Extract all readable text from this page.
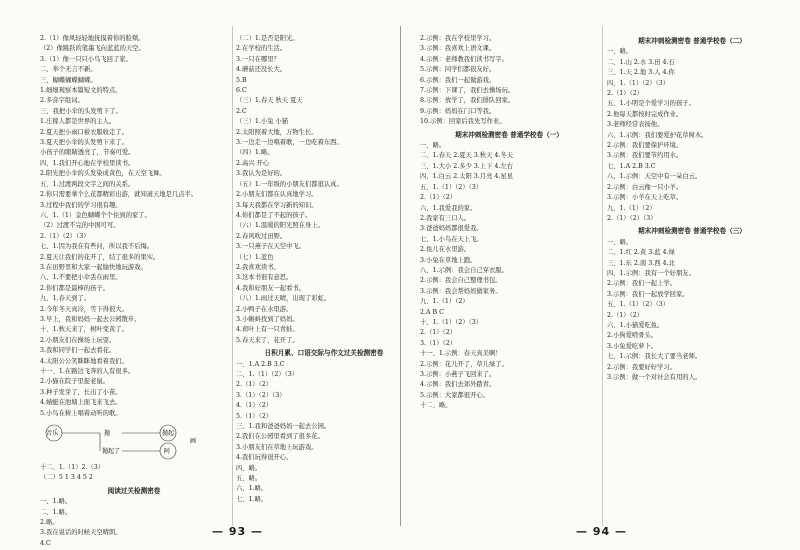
2.（1）像风轻轻地抚摸着你的脸颊。
（2）像跳跃的笔墨飞向蓝蓝的天空。
3.（1）像一只只小鸟飞回了家。
二、举个无言不新。
三、蝴蝶蝴蝶蝴蝶。
1.细细观察本篇短文的特点。
2.多音字组词。
三、我把小伞的头发剪下了。
1.庄稼人都是世界的主人。
2.夏天把小雨口被衣服收走了。
3.夏天把小伞的头发剪下来了。
小孩子的眼睛透亮了，节奏可爱。
四、1.我们开心地在学校里读书。
2.阳光把小伞的头发染成黄色，在天空飞舞。
五、1.过渡两段文字之间的关系。
2.你只需要拿个么花都精彩出游，就知道天地是几点半。
3.过程中我们的学习很有趣。
六、1.（1）金色蝴蝶个个住到的家了。
（2）过渡不完的中国可可。
2.（1）（2）（3）
七、1.因为我在有些问，所以我不后悔。
2.夏天让我们的花开了，结了很多的果实。
3.在田野里和大家一起愉快地玩游戏。
八、1.不要把小伞丢在雨里。
2.你们都是最棒的孩子。
九、1.春天到了。
2.今年冬天真冷，雪下得很大。
3.早上，我和妈妈一起去公园散步。
十、1.秋天来了，树叶变黄了。
2.小朋友们在操场上玩耍。
3.我和同学们一起去看花。
4.太阳公公笑眯眯地看着我们。
十一、1.在路边飞奔的人有很多。
2.小猫在院子里捉老鼠。
3.种子发芽了，长出了小苗。
4.蜻蜓在池塘上面飞来飞去。
5.小鸟在树上唱着动听的歌。
音乐	抛	抛起
抛起了	阿
画
十二、1.（1）2.（3）
（二）5 1 3 4 5 2
阅读过关检测密卷
一、1.略。
二、1.略。
2.略。
3.我在说话的时候天空晴朗。
4.C
（二）1.是否是阳光。
2.在学校的生活。
3.一只在哪里？
4.蘑菇还没长大。
5.B
6.C
（三）1.春天 秋天 夏天
2.C
（三）1.小兔 小猫
2.太阳照着大地，万物生长。
3.一边走一边唱着歌，一边吃着东西。
（四）1.略。
2.高兴 开心
3.我认为是好的。
（五）1.一年级的小朋友们都很认真。
2.小朋友们都在认真地学习。
3.每天我都在学习新的知识。
4.你们都是了不起的孩子。
（六）1.温暖的阳光照在身上。
2.春风吹过田野。
3.一只燕子在天空中飞。
（七）1.蓝色
2.我喜欢读书。
3.这本书很有意思。
4.我和好朋友一起看书。
（八）1.雨过天晴，出现了彩虹。
2.小鸭子在水里游。
3.小蝌蚪找到了妈妈。
4.荷叶上有一只青蛙。
5.春天来了，花开了。
日积月累、口语交际与作文过关检测密卷
一、1.A 2.B 3.C
二、1.（1）（2）（3）
2.（1）（2）
3.（1）（2）（3）
4.（1）（2）
5.（1）（2）
三、1.我和爸爸妈妈一起去公园。
2.我们在公园里看到了很多花。
3.小朋友们在草地上玩游戏。
4.我们玩得很开心。
四、略。
五、略。
六、1.略。
七、1.略。
2.示例：我在学校里学习。
3.示例：我喜欢上语文课。
4.示例：老师教我们读书写字。
5.示例：同学们都很友好。
6.示例：我们一起做游戏。
7.示例：下课了，我们去操场玩。
8.示例：放学了，我们排队回家。
9.示例：妈妈在门口等我。
10.示例：回家后我先写作业。
期末冲刺检测密卷 普通学校卷（一）
一、略。
二、1.春天 2.夏天 3.秋天 4.冬天
三、1.大小 2.多少 3.上下 4.左右
四、1.白云 2.太阳 3.月亮 4.星星
五、1.（1）（2）（3）
2.（1）（2）
六、1.我爱我的家。
2.我家有三口人。
3.爸爸妈妈都很爱我。
七、1.小鸟在天上飞。
2.鱼儿在水里游。
3.小兔在草地上跑。
八、1.示例：我会自己穿衣服。
2.示例：我会自己整理书包。
3.示例：我会帮妈妈做家务。
九、1.（1）（2）
2.A B C
十、1.（1）（2）（3）
2.（1）（2）
3.（1）（2）
十一、1.示例：春天真美啊！
2.示例：花儿开了，草儿绿了。
3.示例：小燕子飞回来了。
4.示例：我们去郊外踏青。
5.示例：大家都很开心。
十二、略。
期末冲刺检测密卷 普通学校卷（二）
一、略。
二、1.山 2.水 3.田 4.石
三、1.天 2.地 3.人 4.你
四、1.（1）（2）（3）
2.（1）（2）
五、1.小明是个爱学习的孩子。
2.他每天都按时完成作业。
3.老师经常表扬他。
六、1.示例：我们要爱护花草树木。
2.示例：我们要保护环境。
3.示例：我们要节约用水。
七、1.A 2.B 3.C
八、1.示例：天空中有一朵白云。
2.示例：白云像一只小羊。
3.示例：小羊在天上吃草。
九、1.（1）（2）
2.（1）（2）（3）
期末冲刺检测密卷 普通学校卷（三）
一、略。
二、1.红 2.黄 3.蓝 4.绿
三、1.东 2.南 3.西 4.北
四、1.示例：我有一个好朋友。
2.示例：我们一起上学。
3.示例：我们一起放学回家。
五、1.（1）（2）（3）
2.（1）（2）
六、1.小猫爱吃鱼。
2.小狗爱啃骨头。
3.小兔爱吃萝卜。
七、1.示例：我长大了要当老师。
2.示例：我要好好学习。
3.示例：做一个对社会有用的人。
— 93 —	— 94 —
